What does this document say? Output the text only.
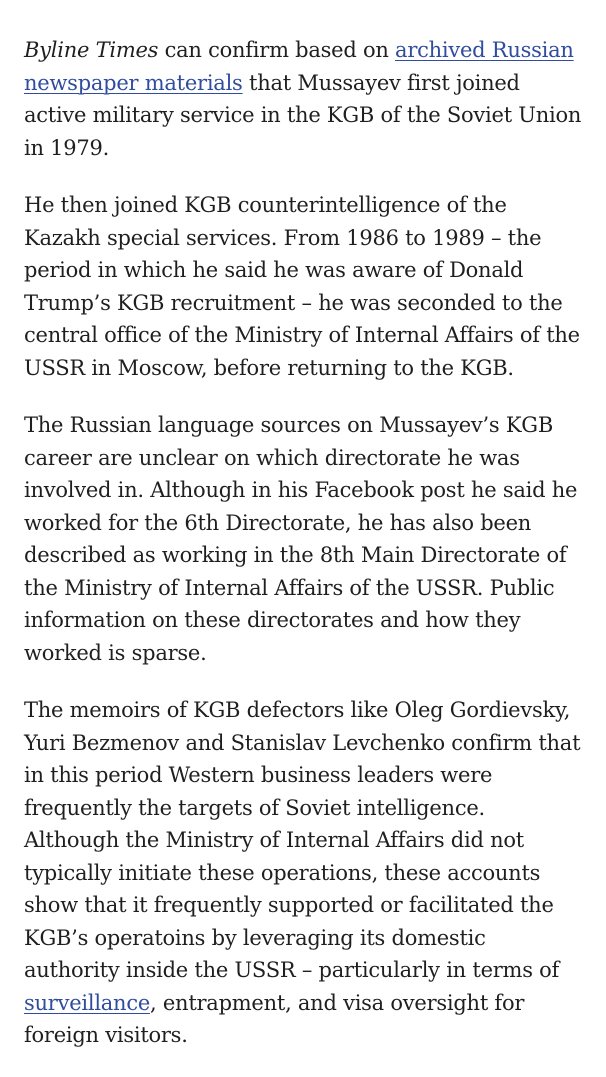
Byline Times can confirm based on archived Russian newspaper materials that Mussayev first joined active military service in the KGB of the Soviet Union in 1979.

He then joined KGB counterintelligence of the Kazakh special services. From 1986 to 1989 – the period in which he said he was aware of Donald Trump’s KGB recruitment – he was seconded to the central office of the Ministry of Internal Affairs of the USSR in Moscow, before returning to the KGB.

The Russian language sources on Mussayev’s KGB career are unclear on which directorate he was involved in. Although in his Facebook post he said he worked for the 6th Directorate, he has also been described as working in the 8th Main Directorate of the Ministry of Internal Affairs of the USSR. Public information on these directorates and how they worked is sparse.

The memoirs of KGB defectors like Oleg Gordievsky, Yuri Bezmenov and Stanislav Levchenko confirm that in this period Western business leaders were frequently the targets of Soviet intelligence. Although the Ministry of Internal Affairs did not typically initiate these operations, these accounts show that it frequently supported or facilitated the KGB’s operatoins by leveraging its domestic authority inside the USSR – particularly in terms of surveillance, entrapment, and visa oversight for foreign visitors.
